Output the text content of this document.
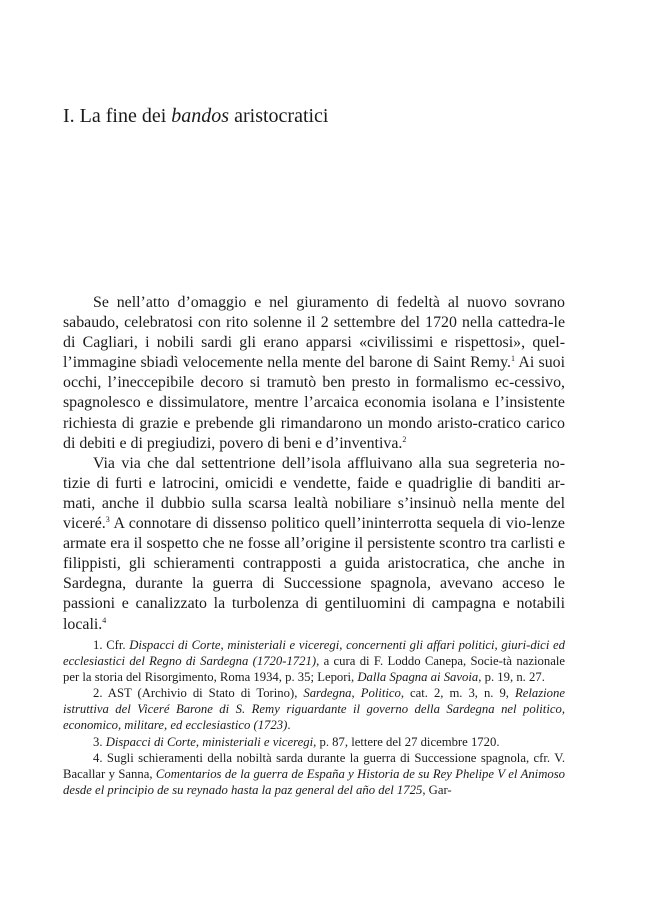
I. La fine dei bandos aristocratici

Se nell’atto d’omaggio e nel giuramento di fedeltà al nuovo sovrano sabaudo, celebratosi con rito solenne il 2 settembre del 1720 nella cattedra-le di Cagliari, i nobili sardi gli erano apparsi «civilissimi e rispettosi», quel-l’immagine sbiadì velocemente nella mente del barone di Saint Remy.$^1$ Ai suoi occhi, l’ineccepibile decoro si tramutò ben presto in formalismo ec-cessivo, spagnolesco e dissimulatore, mentre l’arcaica economia isolana e l’insistente richiesta di grazie e prebende gli rimandarono un mondo aristo-cratico carico di debiti e di pregiudizi, povero di beni e d’inventiva.$^2$

Via via che dal settentrione dell’isola affluivano alla sua segreteria no-tizie di furti e latrocini, omicidi e vendette, faide e quadriglie di banditi ar-mati, anche il dubbio sulla scarsa lealtà nobiliare s’insinuò nella mente del viceré.$^3$ A connotare di dissenso politico quell’ininterrotta sequela di vio-lenze armate era il sospetto che ne fosse all’origine il persistente scontro tra carlisti e filippisti, gli schieramenti contrapposti a guida aristocratica, che anche in Sardegna, durante la guerra di Successione spagnola, avevano acceso le passioni e canalizzato la turbolenza di gentiluomini di campagna e notabili locali.$^4$

1. Cfr. Dispacci di Corte, ministeriali e viceregi, concernenti gli affari politici, giuri-dici ed ecclesiastici del Regno di Sardegna (1720-1721), a cura di F. Loddo Canepa, Socie-tà nazionale per la storia del Risorgimento, Roma 1934, p. 35; Lepori, Dalla Spagna ai Savoia, p. 19, n. 27.

2. AST (Archivio di Stato di Torino), Sardegna, Politico, cat. 2, m. 3, n. 9, Relazione istruttiva del Viceré Barone di S. Remy riguardante il governo della Sardegna nel politico, economico, militare, ed ecclesiastico (1723).

3. Dispacci di Corte, ministeriali e viceregi, p. 87, lettere del 27 dicembre 1720.

4. Sugli schieramenti della nobiltà sarda durante la guerra di Successione spagnola, cfr. V. Bacallar y Sanna, Comentarios de la guerra de España y Historia de su Rey Phelipe V el Animoso desde el principio de su reynado hasta la paz general del año del 1725, Gar-
